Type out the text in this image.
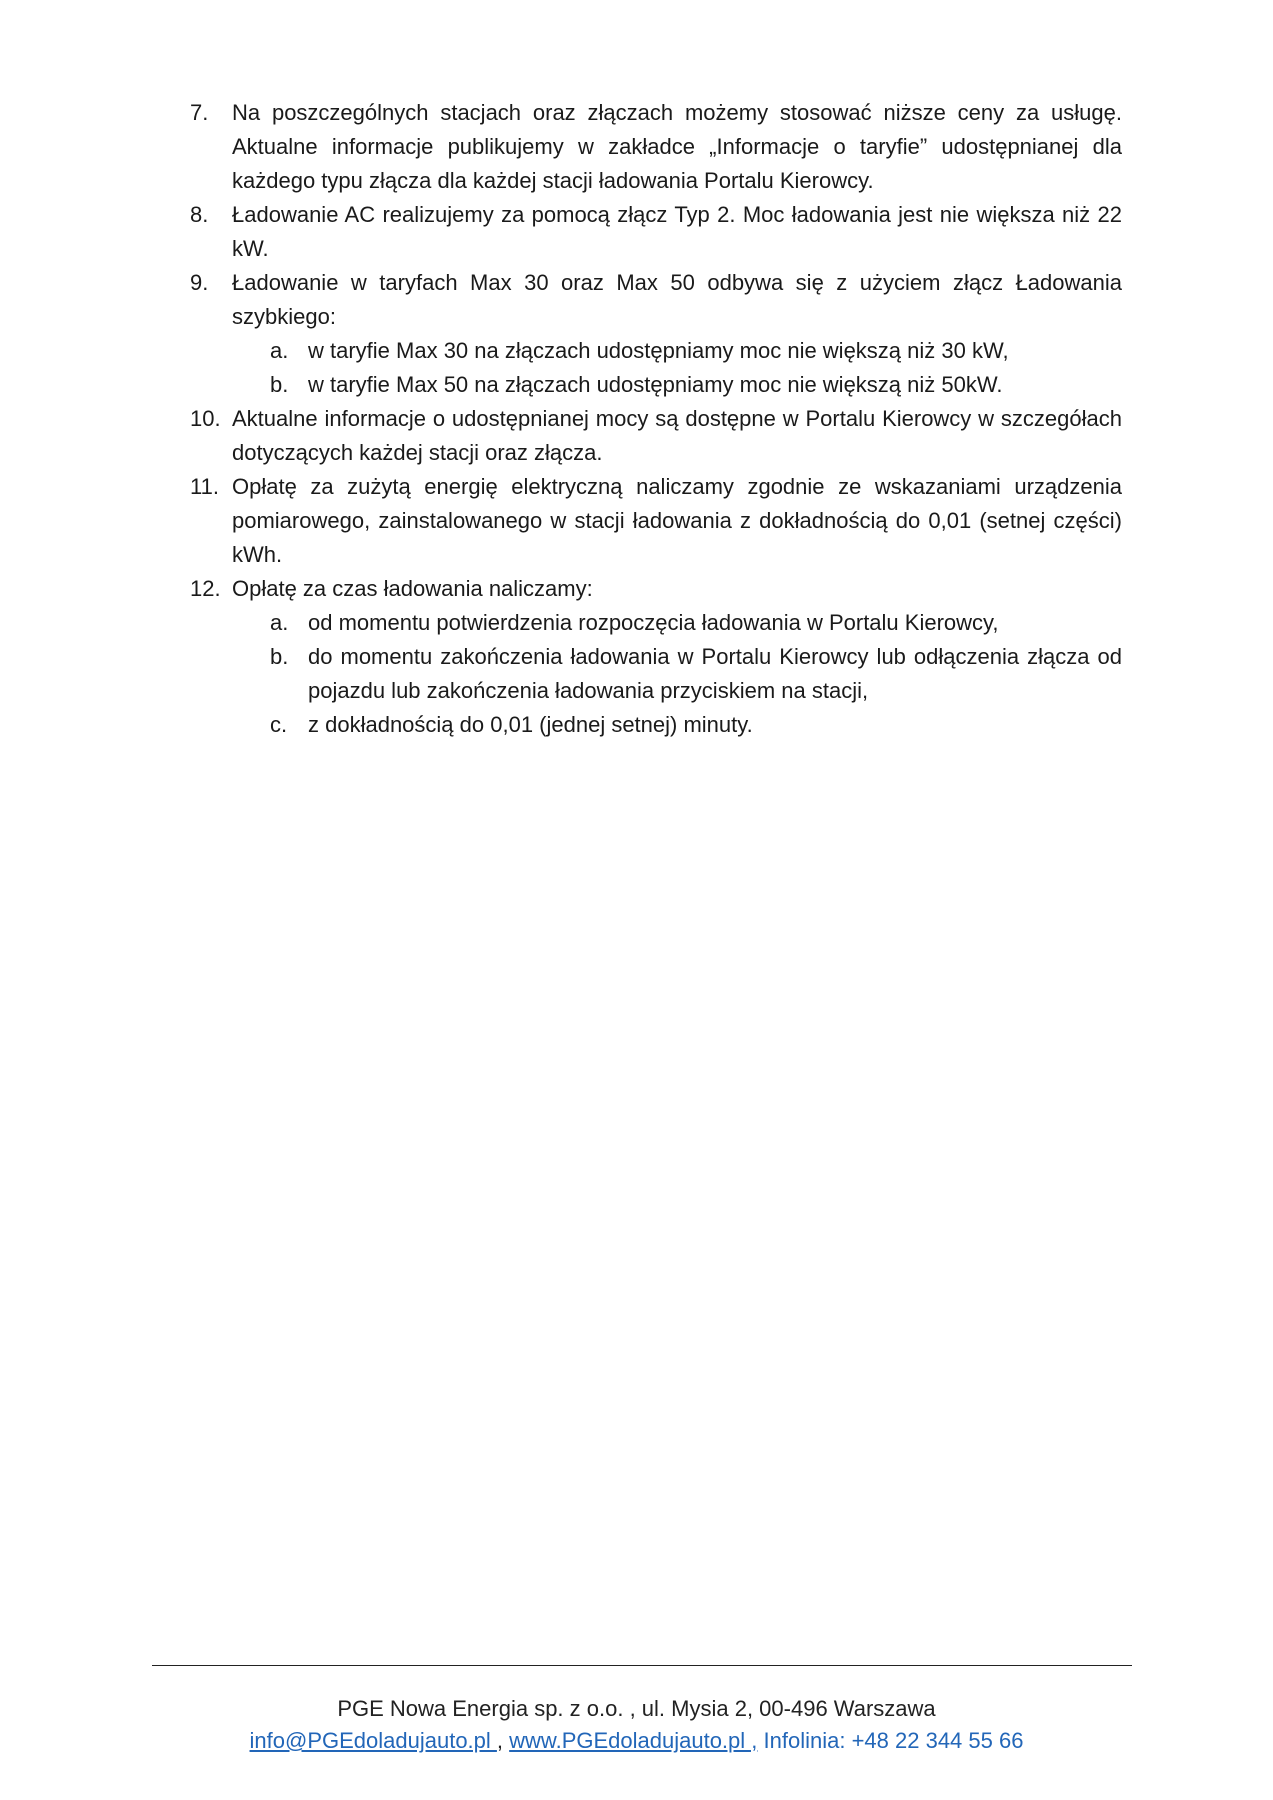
7.	Na poszczególnych stacjach oraz złączach możemy stosować niższe ceny za usługę. Aktualne informacje publikujemy w zakładce „Informacje o taryfie” udostępnianej dla każdego typu złącza dla każdej stacji ładowania Portalu Kierowcy.
8.	Ładowanie AC realizujemy za pomocą złącz Typ 2. Moc ładowania jest nie większa niż 22 kW.
9.	Ładowanie w taryfach Max 30 oraz Max 50 odbywa się z użyciem złącz Ładowania szybkiego:
a. w taryfie Max 30 na złączach udostępniamy moc nie większą niż 30 kW,
b. w taryfie Max 50 na złączach udostępniamy moc nie większą niż 50kW.
10. Aktualne informacje o udostępnianej mocy są dostępne w Portalu Kierowcy w szczegółach dotyczących każdej stacji oraz złącza.
11. Opłatę za zużytą energię elektryczną naliczamy zgodnie ze wskazaniami urządzenia pomiarowego, zainstalowanego w stacji ładowania z dokładnością do 0,01 (setnej części) kWh.
12. Opłatę za czas ładowania naliczamy:
a. od momentu potwierdzenia rozpoczęcia ładowania w Portalu Kierowcy,
b. do momentu zakończenia ładowania w Portalu Kierowcy lub odłączenia złącza od pojazdu lub zakończenia ładowania przyciskiem na stacji,
c. z dokładnością do 0,01 (jednej setnej) minuty.
PGE Nowa Energia sp. z o.o. , ul. Mysia 2, 00-496 Warszawa
info@PGEdoladujauto.pl , www.PGEdoladujauto.pl , Infolinia: +48 22 344 55 66
